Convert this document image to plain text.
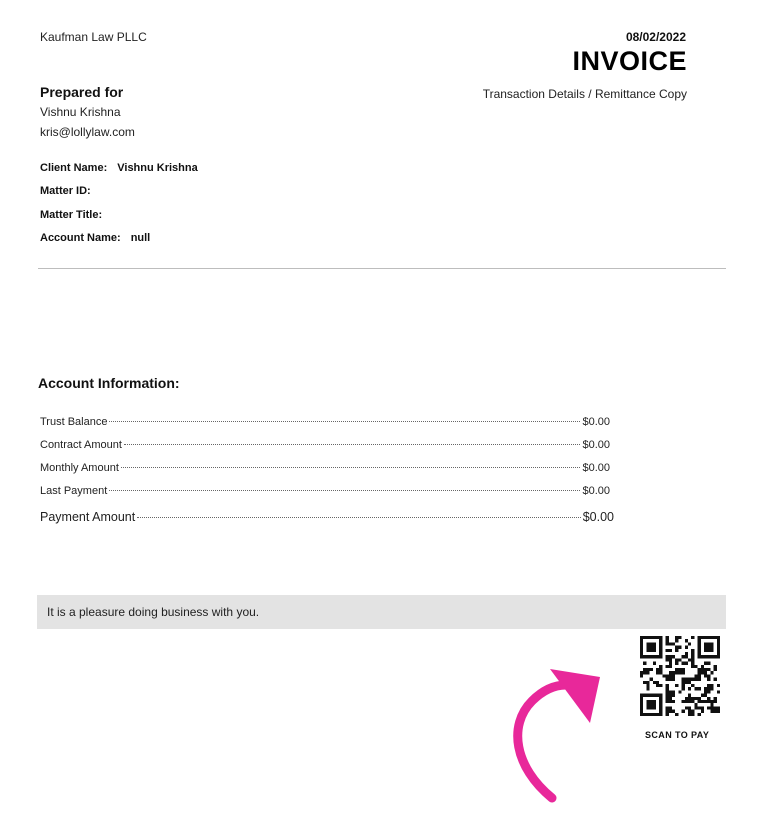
Kaufman Law PLLC	08/02/2022
INVOICE
Transaction Details / Remittance Copy
Prepared for
Vishnu Krishna
kris@lollylaw.com
Client Name: Vishnu Krishna
Matter ID:
Matter Title:
Account Name: null
Account Information:
Trust Balance	$0.00
Contract Amount	$0.00
Monthly Amount	$0.00
Last Payment	$0.00
Payment Amount	$0.00
It is a pleasure doing business with you.
SCAN TO PAY
